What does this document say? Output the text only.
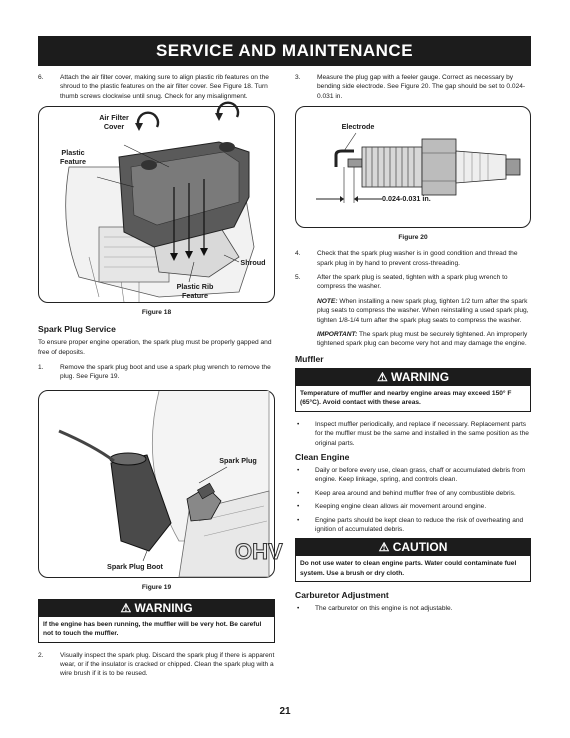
SERVICE AND MAINTENANCE
6.	Attach the air filter cover, making sure to align plastic rib features on the shroud to the plastic features on the air filter cover. See Figure 18. Turn thumb screws clockwise until snug. Check for any misalignment.
Air Filter Cover
Plastic Feature
Shroud
Plastic Rib Feature
Figure 18
Spark Plug Service
To ensure proper engine operation, the spark plug must be properly gapped and free of deposits.
1.	Remove the spark plug boot and use a spark plug wrench to remove the plug. See Figure 19.
OHV
Spark Plug
Spark Plug Boot
Figure 19
⚠ WARNING
If the engine has been running, the muffler will be very hot. Be careful not to touch the muffler.
2.	Visually inspect the spark plug. Discard the spark plug if there is apparent wear, or if the insulator is cracked or chipped. Clean the spark plug with a wire brush if it is to be reused.
3.	Measure the plug gap with a feeler gauge. Correct as necessary by bending side electrode. See Figure 20. The gap should be set to 0.024-0.031 in.
Electrode
0.024-0.031 in.
Figure 20
4.	Check that the spark plug washer is in good condition and thread the spark plug in by hand to prevent cross-threading.
5.	After the spark plug is seated, tighten with a spark plug wrench to compress the washer.
NOTE: When installing a new spark plug, tighten 1/2 turn after the spark plug seats to compress the washer. When reinstalling a used spark plug, tighten 1/8-1/4 turn after the spark plug seats to compress the washer.
IMPORTANT: The spark plug must be securely tightened. An improperly tightened spark plug can become very hot and may damage the engine.
Muffler
⚠ WARNING
Temperature of muffler and nearby engine areas may exceed 150° F (65°C). Avoid contact with these areas.
•	Inspect muffler periodically, and replace if necessary. Replacement parts for the muffler must be the same and installed in the same position as the original parts.
Clean Engine
•	Daily or before every use, clean grass, chaff or accumulated debris from engine. Keep linkage, spring, and controls clean.
•	Keep area around and behind muffler free of any combustible debris.
•	Keeping engine clean allows air movement around engine.
•	Engine parts should be kept clean to reduce the risk of overheating and ignition of accumulated debris.
⚠ CAUTION
Do not use water to clean engine parts. Water could contaminate fuel system. Use a brush or dry cloth.
Carburetor Adjustment
•	The carburetor on this engine is not adjustable.
21
